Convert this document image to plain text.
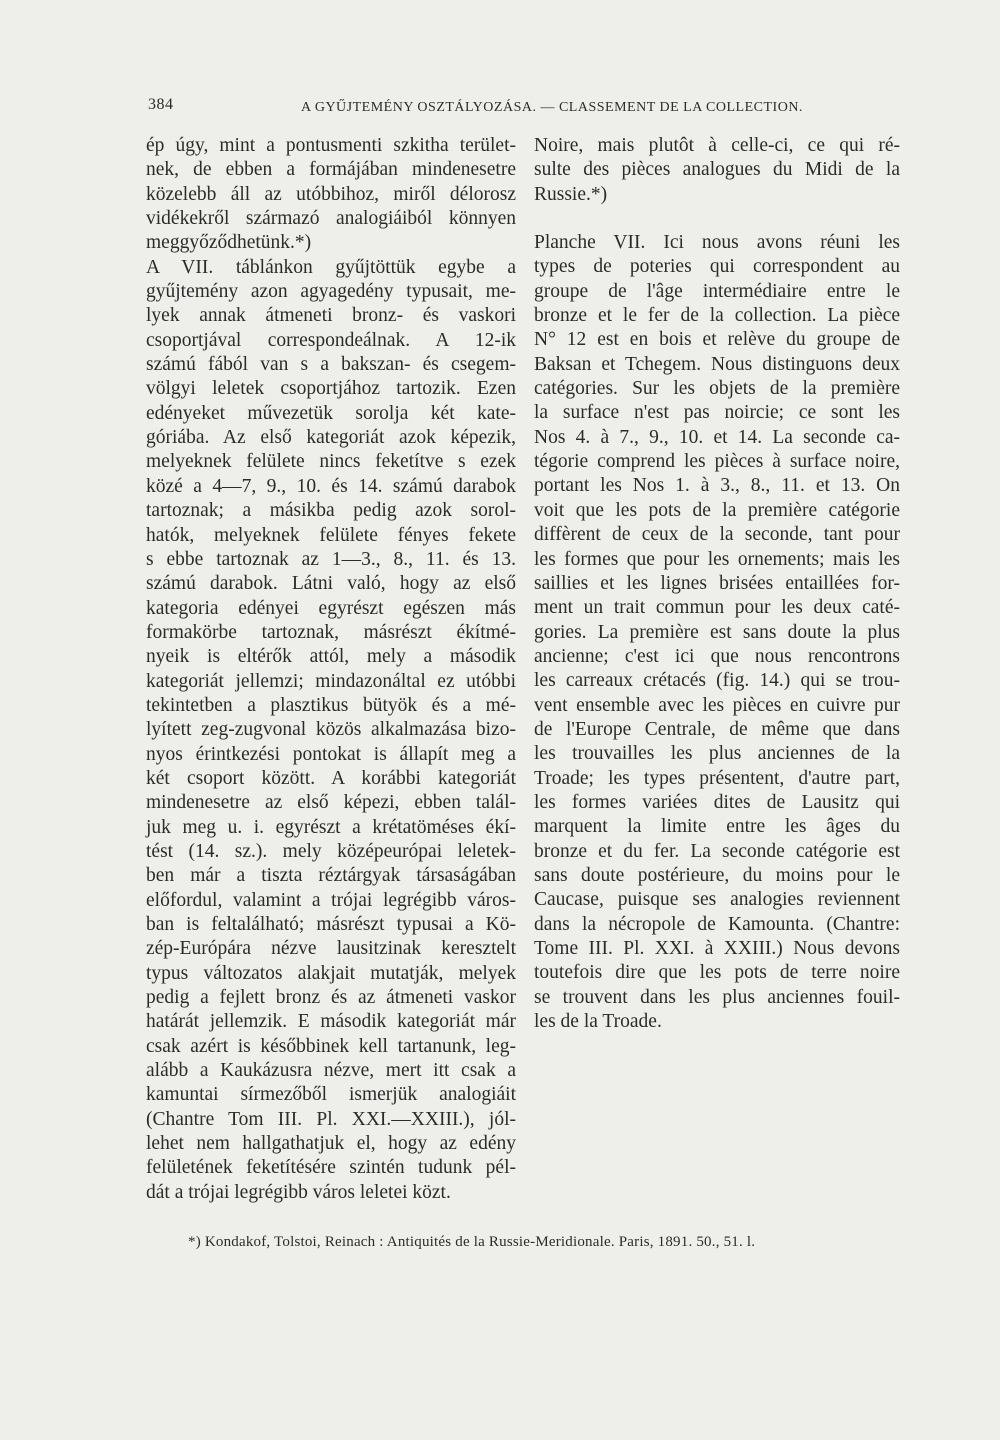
384	A GYŰJTEMÉNY OSZTÁLYOZÁSA. — CLASSEMENT DE LA COLLECTION.
ép úgy, mint a pontusmenti szkitha terület-
nek, de ebben a formájában mindenesetre
közelebb áll az utóbbihoz, miről délorosz
vidékekről származó analogiáiból könnyen
meggyőződhetünk.*)
A VII. táblánkon gyűjtöttük egybe a
gyűjtemény azon agyagedény typusait, me-
lyek annak átmeneti bronz- és vaskori
csoportjával correspondeálnak. A 12-ik
számú fából van s a bakszan- és csegem-
völgyi leletek csoportjához tartozik. Ezen
edényeket művezetük sorolja két kate-
góriába. Az első kategoriát azok képezik,
melyeknek felülete nincs feketítve s ezek
közé a 4—7, 9., 10. és 14. számú darabok
tartoznak; a másikba pedig azok sorol-
hatók, melyeknek felülete fényes fekete
s ebbe tartoznak az 1—3., 8., 11. és 13.
számú darabok. Látni való, hogy az első
kategoria edényei egyrészt egészen más
formakörbe tartoznak, másrészt ékítmé-
nyeik is eltérők attól, mely a második
kategoriát jellemzi; mindazonáltal ez utóbbi
tekintetben a plasztikus bütyök és a mé-
lyített zeg-zugvonal közös alkalmazása bizo-
nyos érintkezési pontokat is állapít meg a
két csoport között. A korábbi kategoriát
mindenesetre az első képezi, ebben talál-
juk meg u. i. egyrészt a krétatöméses ékí-
tést (14. sz.). mely középeurópai leletek-
ben már a tiszta réztárgyak társaságában
előfordul, valamint a trójai legrégibb város-
ban is feltalálható; másrészt typusai a Kö-
zép-Európára nézve lausitzinak keresztelt
typus változatos alakjait mutatják, melyek
pedig a fejlett bronz és az átmeneti vaskor
határát jellemzik. E második kategoriát már
csak azért is későbbinek kell tartanunk, leg-
alább a Kaukázusra nézve, mert itt csak a
kamuntai sírmezőből ismerjük analogiáit
(Chantre Tom III. Pl. XXI.—XXIII.), jól-
lehet nem hallgathatjuk el, hogy az edény
felületének feketítésére szintén tudunk pél-
dát a trójai legrégibb város leletei közt.
Noire, mais plutôt à celle-ci, ce qui ré-
sulte des pièces analogues du Midi de la
Russie.*)
Planche VII. Ici nous avons réuni les
types de poteries qui correspondent au
groupe de l'âge intermédiaire entre le
bronze et le fer de la collection. La pièce
N° 12 est en bois et relève du groupe de
Baksan et Tchegem. Nous distinguons deux
catégories. Sur les objets de la première
la surface n'est pas noircie; ce sont les
Nos 4. à 7., 9., 10. et 14. La seconde ca-
tégorie comprend les pièces à surface noire,
portant les Nos 1. à 3., 8., 11. et 13. On
voit que les pots de la première catégorie
diffèrent de ceux de la seconde, tant pour
les formes que pour les ornements; mais les
saillies et les lignes brisées entaillées for-
ment un trait commun pour les deux caté-
gories. La première est sans doute la plus
ancienne; c'est ici que nous rencontrons
les carreaux crétacés (fig. 14.) qui se trou-
vent ensemble avec les pièces en cuivre pur
de l'Europe Centrale, de même que dans
les trouvailles les plus anciennes de la
Troade; les types présentent, d'autre part,
les formes variées dites de Lausitz qui
marquent la limite entre les âges du
bronze et du fer. La seconde catégorie est
sans doute postérieure, du moins pour le
Caucase, puisque ses analogies reviennent
dans la nécropole de Kamounta. (Chantre:
Tome III. Pl. XXI. à XXIII.) Nous devons
toutefois dire que les pots de terre noire
se trouvent dans les plus anciennes fouil-
les de la Troade.
*) Kondakof, Tolstoi, Reinach : Antiquités de la Russie-Meridionale. Paris, 1891. 50., 51. l.
